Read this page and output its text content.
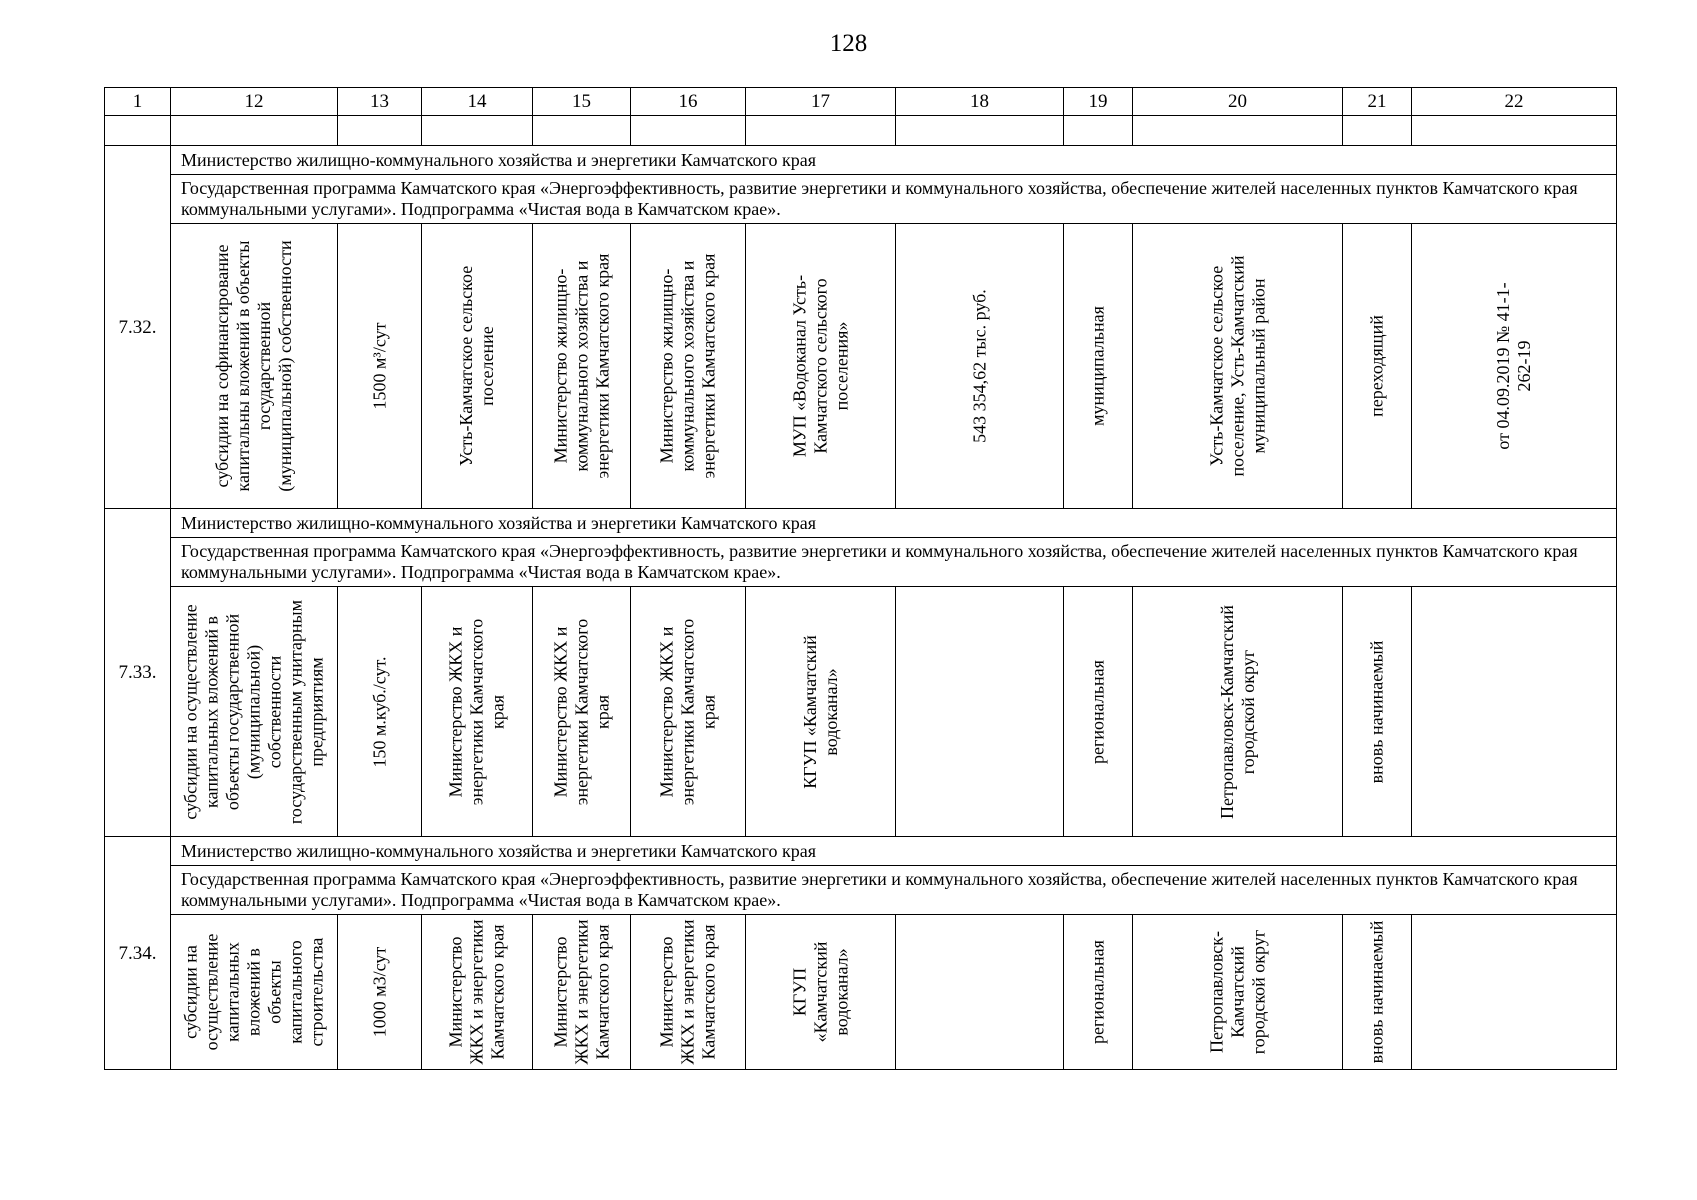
128
1	12	13	14	15	16	17	18	19	20	21	22

7.32.	Министерство жилищно-коммунального хозяйства и энергетики Камчатского края										
	Государственная программа Камчатского края «Энергоэффективность, развитие энергетики и коммунального хозяйства, обеспечение жителей населенных пунктов Камчатского края коммунальными услугами». Подпрограмма «Чистая вода в Камчатском крае».										

	субсидии на софинансирование капитальны вложений в объекты государственной (муниципальной) собственности	1500 м³/сут	Усть-Камчатское сельское поселение	Министерство жилищно-коммунального хозяйства и энергетики Камчатского края	Министерство жилищно-коммунального хозяйства и энергетики Камчатского края	МУП «Водоканал Усть-Камчатского сельского поселения»	543 354,62 тыс. руб.	муниципальная	Усть-Камчатское сельское поселение, Усть-Камчатский муниципальный район	переходящий	от 04.09.2019 № 41-1-262-19

7.33.	Министерство жилищно-коммунального хозяйства и энергетики Камчатского края										
	Государственная программа Камчатского края «Энергоэффективность, развитие энергетики и коммунального хозяйства, обеспечение жителей населенных пунктов Камчатского края коммунальными услугами». Подпрограмма «Чистая вода в Камчатском крае».										

	субсидии на осуществление капитальных вложений в объекты государственной (муниципальной) собственности государственным унитарным предприятиям	150 м.куб./сут.	Министерство ЖКХ и энергетики Камчатского края	Министерство ЖКХ и энергетики Камчатского края	Министерство ЖКХ и энергетики Камчатского края	КГУП «Камчатский водоканал»		региональная	Петропавловск-Камчатский городской округ	вновь начинаемый	

7.34.	Министерство жилищно-коммунального хозяйства и энергетики Камчатского края										
	Государственная программа Камчатского края «Энергоэффективность, развитие энергетики и коммунального хозяйства, обеспечение жителей населенных пунктов Камчатского края коммунальными услугами». Подпрограмма «Чистая вода в Камчатском крае».										

	субсидии на осуществление капитальных вложений в объекты капитального строительства	1000 м3/сут	Министерство ЖКХ и энергетики Камчатского края	Министерство ЖКХ и энергетики Камчатского края	Министерство ЖКХ и энергетики Камчатского края	КГУП «Камчатский водоканал»		региональная	Петропавловск-Камчатский городской округ	вновь начинаемый	
